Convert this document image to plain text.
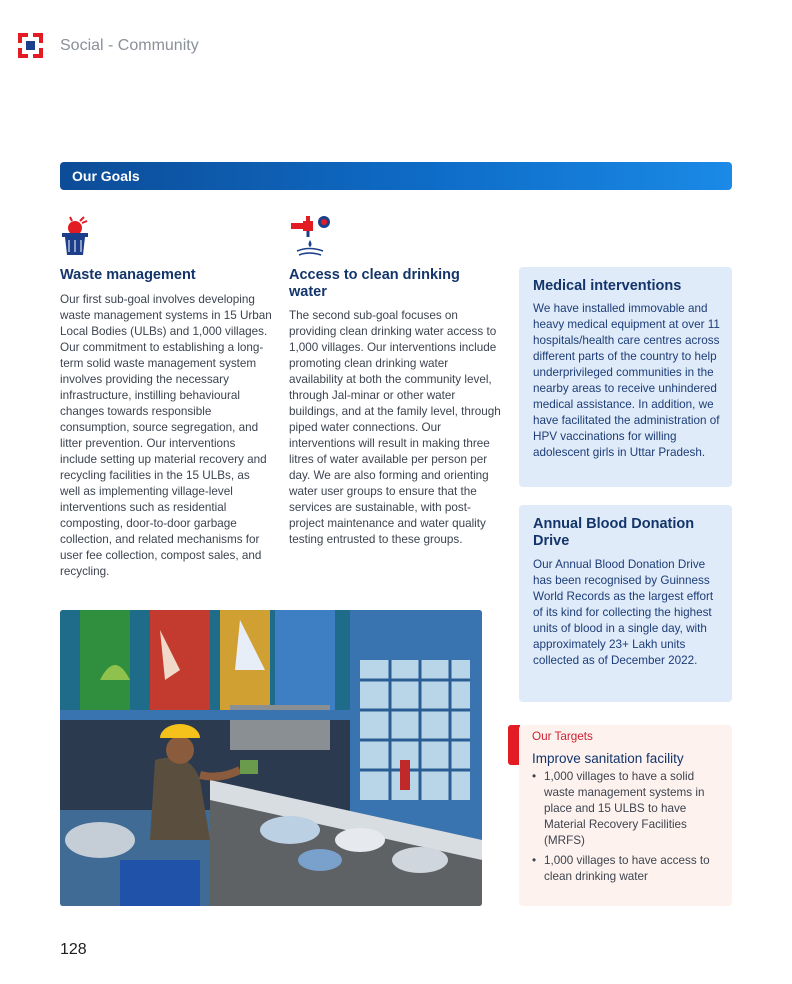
Social - Community
Our Goals
Waste management

Our first sub-goal involves developing waste management systems in 15 Urban Local Bodies (ULBs) and 1,000 villages. Our commitment to establishing a long-term solid waste management system involves providing the necessary infrastructure, instilling behavioural changes towards responsible consumption, source segregation, and litter prevention. Our interventions include setting up material recovery and recycling facilities in the 15 ULBs, as well as implementing village-level interventions such as residential composting, door-to-door garbage collection, and related mechanisms for user fee collection, compost sales, and recycling.

Access to clean drinking water

The second sub-goal focuses on providing clean drinking water access to 1,000 villages. Our interventions include promoting clean drinking water availability at both the community level, through Jal-minar or other water buildings, and at the family level, through piped water connections. Our interventions will result in making three litres of water available per person per day. We are also forming and orienting water user groups to ensure that the services are sustainable, with post-project maintenance and water quality testing entrusted to these groups.

Medical interventions

We have installed immovable and heavy medical equipment at over 11 hospitals/health care centres across different parts of the country to help underprivileged communities in the nearby areas to receive unhindered medical assistance. In addition, we have facilitated the administration of HPV vaccinations for willing adolescent girls in Uttar Pradesh.

Annual Blood Donation Drive

Our Annual Blood Donation Drive has been recognised by Guinness World Records as the largest effort of its kind for collecting the highest units of blood in a single day, with approximately 23+ Lakh units collected as of December 2022.

Our Targets
Improve sanitation facility
• 1,000 villages to have a solid waste management systems in place and 15 ULBS to have Material Recovery Facilities (MRFS)
• 1,000 villages to have access to clean drinking water
128
